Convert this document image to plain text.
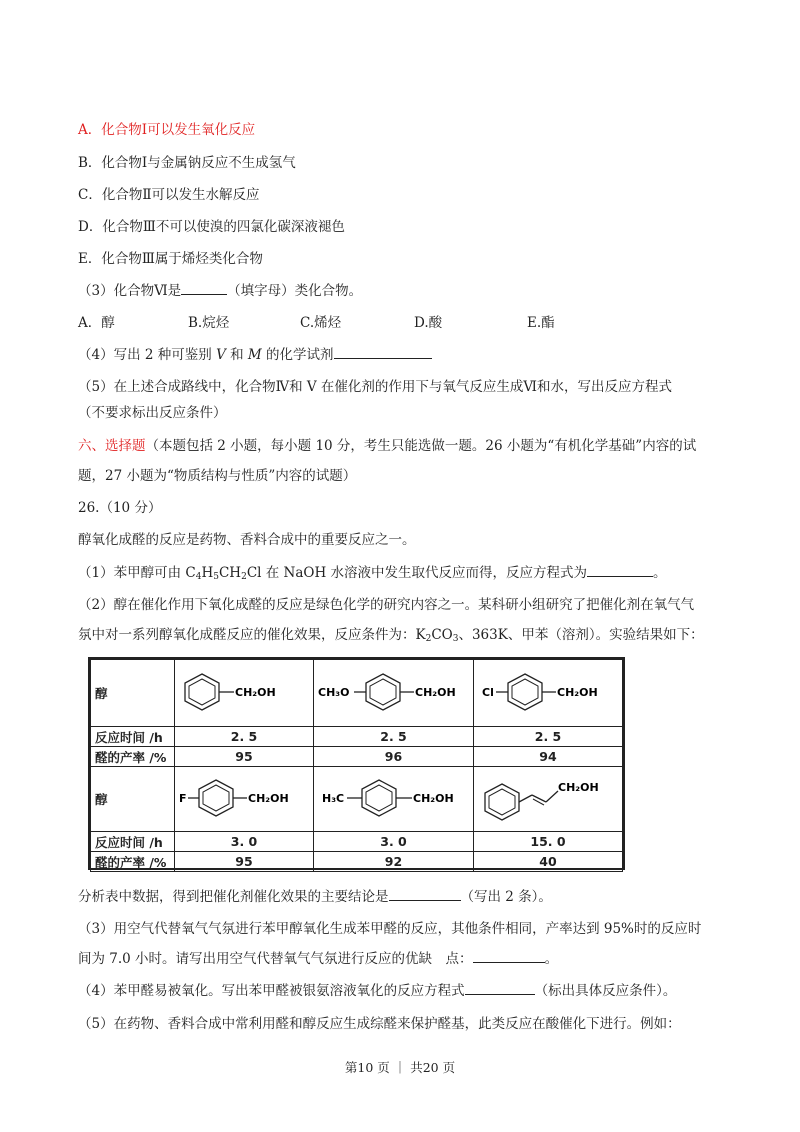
A．化合物Ⅰ可以发生氧化反应
B．化合物Ⅰ与金属钠反应不生成氢气
C．化合物Ⅱ可以发生水解反应
D．化合物Ⅲ不可以使溴的四氯化碳深液褪色
E．化合物Ⅲ属于烯烃类化合物
（3）化合物Ⅵ是	（填字母）类化合物。
A．醇	B.烷烃	C.烯烃	D.酸	E.酯
（4）写出 2 种可鉴别 V 和 M 的化学试剂
（5）在上述合成路线中，化合物Ⅳ和 V 在催化剂的作用下与氧气反应生成Ⅵ和水，写出反应方程式
（不要求标出反应条件）
六、选择题（本题包括 2 小题，每小题 10 分，考生只能选做一题。26 小题为“有机化学基础”内容的试
题，27 小题为“物质结构与性质”内容的试题）
26.（10 分）
醇氧化成醛的反应是药物、香料合成中的重要反应之一。
（1）苯甲醇可由 $C_4H_5CH_2Cl$ 在 NaOH 水溶液中发生取代反应而得，反应方程式为	。
（2）醇在催化作用下氧化成醛的反应是绿色化学的研究内容之一。某科研小组研究了把催化剂在氧气气
氛中对一系列醇氧化成醛反应的催化效果，反应条件为：$K_2CO_3$、363K、甲苯（溶剂）。实验结果如下：
醇	CH₂OH	CH₃O CH₂OH	Cl CH₂OH

反应时间 /h	2. 5	2. 5	2. 5
醛的产率 /%	95	96	94
醇	F CH₂OH	H₃C CH₂OH	CH₂OH

反应时间 /h	3. 0	3. 0	15. 0
醛的产率 /%	95	92	40
分析表中数据，得到把催化剂催化效果的主要结论是	（写出 2 条）。
（3）用空气代替氧气气氛进行苯甲醇氧化生成苯甲醛的反应，其他条件相同，产率达到 95%时的反应时
间为 7.0 小时。请写出用空气代替氧气气氛进行反应的优缺　点：	。
（4）苯甲醛易被氧化。写出苯甲醛被银氨溶液氧化的反应方程式	（标出具体反应条件）。
（5）在药物、香料合成中常利用醛和醇反应生成综醛来保护醛基，此类反应在酸催化下进行。例如：
第10 页 ｜ 共20 页
